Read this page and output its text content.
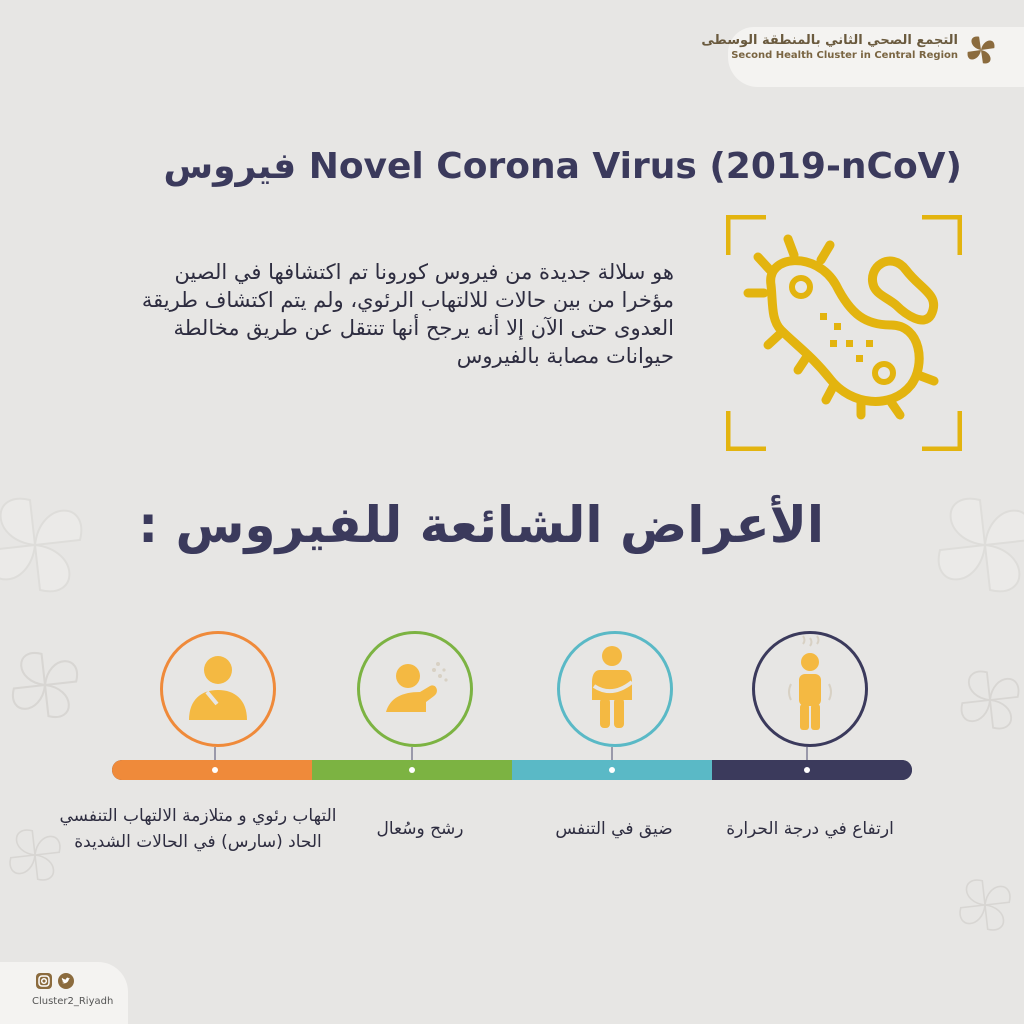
التجمع الصحي الثاني بالمنطقة الوسطى
Second Health Cluster in Central Region
فيروس Novel Corona Virus (2019-nCoV)
هو سلالة جديدة من فيروس كورونا تم اكتشافها في الصين
مؤخرا من بين حالات للالتهاب الرئوي، ولم يتم اكتشاف طريقة
العدوى حتى الآن إلا أنه يرجح أنها تنتقل عن طريق مخالطة
حيوانات مصابة بالفيروس
الأعراض الشائعة للفيروس :
ارتفاع في درجة الحرارة
ضيق في التنفس
رشح وسُعال
التهاب رئوي و متلازمة الالتهاب التنفسي
الحاد (سارس) في الحالات الشديدة
Cluster2_Riyadh
